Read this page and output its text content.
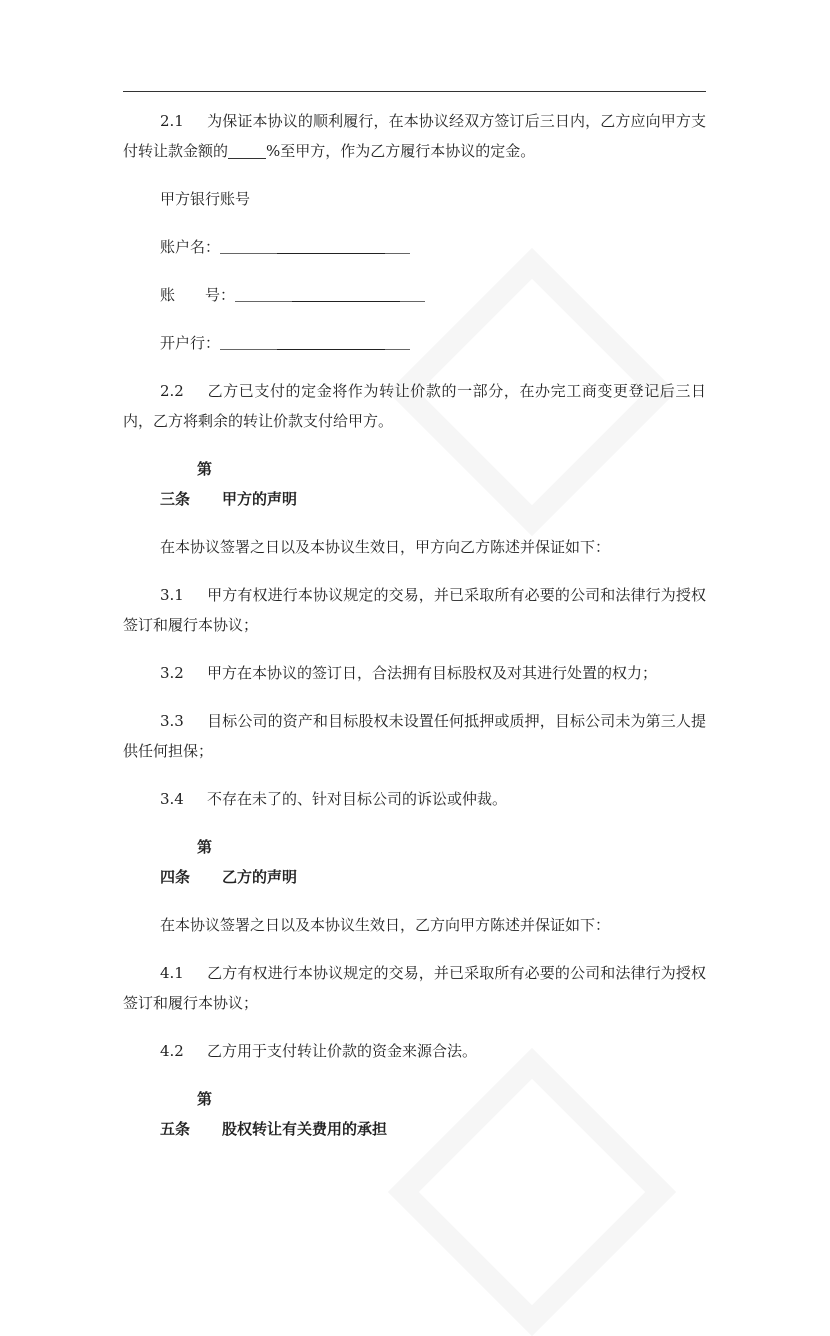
2.1 为保证本协议的顺利履行，在本协议经双方签订后三日内，乙方应向甲方支付转让款金额的	%至甲方，作为乙方履行本协议的定金。

甲方银行账号

账户名：

账 号：

开户行：

2.2 乙方已支付的定金将作为转让价款的一部分，在办完工商变更登记后三日内，乙方将剩余的转让价款支付给甲方。

第三条 甲方的声明

在本协议签署之日以及本协议生效日，甲方向乙方陈述并保证如下：

3.1 甲方有权进行本协议规定的交易，并已采取所有必要的公司和法律行为授权签订和履行本协议；

3.2 甲方在本协议的签订日，合法拥有目标股权及对其进行处置的权力；

3.3 目标公司的资产和目标股权未设置任何抵押或质押，目标公司未为第三人提供任何担保；

3.4 不存在未了的、针对目标公司的诉讼或仲裁。

第四条 乙方的声明

在本协议签署之日以及本协议生效日，乙方向甲方陈述并保证如下：

4.1 乙方有权进行本协议规定的交易，并已采取所有必要的公司和法律行为授权签订和履行本协议；

4.2 乙方用于支付转让价款的资金来源合法。

第五条 股权转让有关费用的承担
